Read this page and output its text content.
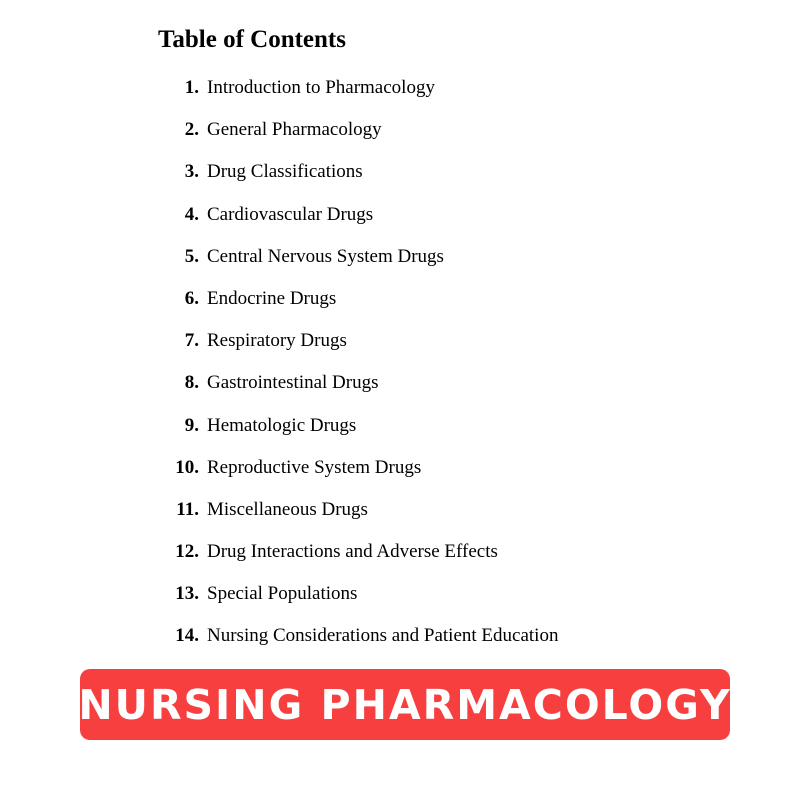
Table of Contents
1. Introduction to Pharmacology
2. General Pharmacology
3. Drug Classifications
4. Cardiovascular Drugs
5. Central Nervous System Drugs
6. Endocrine Drugs
7. Respiratory Drugs
8. Gastrointestinal Drugs
9. Hematologic Drugs
10. Reproductive System Drugs
11. Miscellaneous Drugs
12. Drug Interactions and Adverse Effects
13. Special Populations
14. Nursing Considerations and Patient Education
NURSING PHARMACOLOGY
